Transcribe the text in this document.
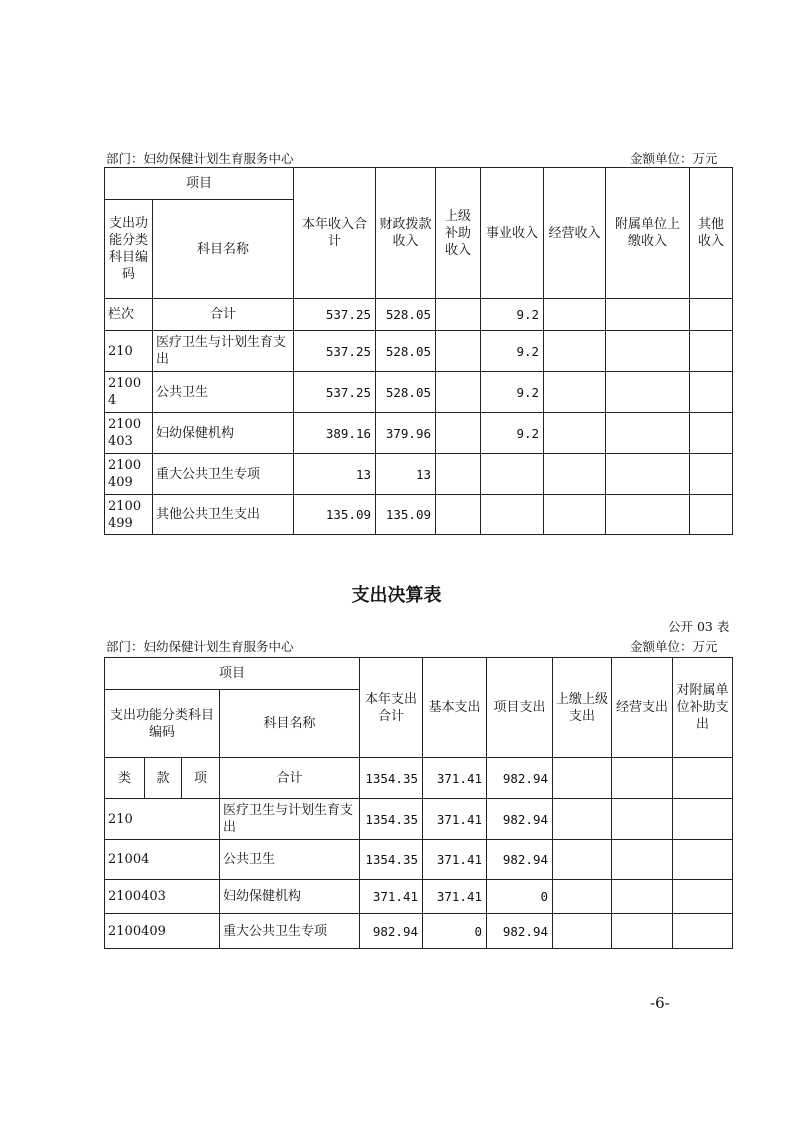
部门：妇幼保健计划生育服务中心	金额单位：万元
项目		本年收入合计	财政拨款收入	上级补助收入	事业收入	经营收入	附属单位上缴收入	其他收入
支出功能分类科目编码	科目名称							
栏次	合计	537.25	528.05		9.2			
210	医疗卫生与计划生育支出	537.25	528.05		9.2			
21004	公共卫生	537.25	528.05		9.2			
2100403	妇幼保健机构	389.16	379.96		9.2			
2100409	重大公共卫生专项	13	13					
2100499	其他公共卫生支出	135.09	135.09					
支出决算表
公开 03 表
部门：妇幼保健计划生育服务中心	金额单位：万元
项目				本年支出合计	基本支出	项目支出	上缴上级支出	经营支出	对附属单位补助支出
支出功能分类科目编码			科目名称						
类	款	项	合计	1354.35	371.41	982.94			
210			医疗卫生与计划生育支出	1354.35	371.41	982.94			
21004			公共卫生	1354.35	371.41	982.94			
2100403			妇幼保健机构	371.41	371.41	0			
2100409			重大公共卫生专项	982.94	0	982.94			
-6-
